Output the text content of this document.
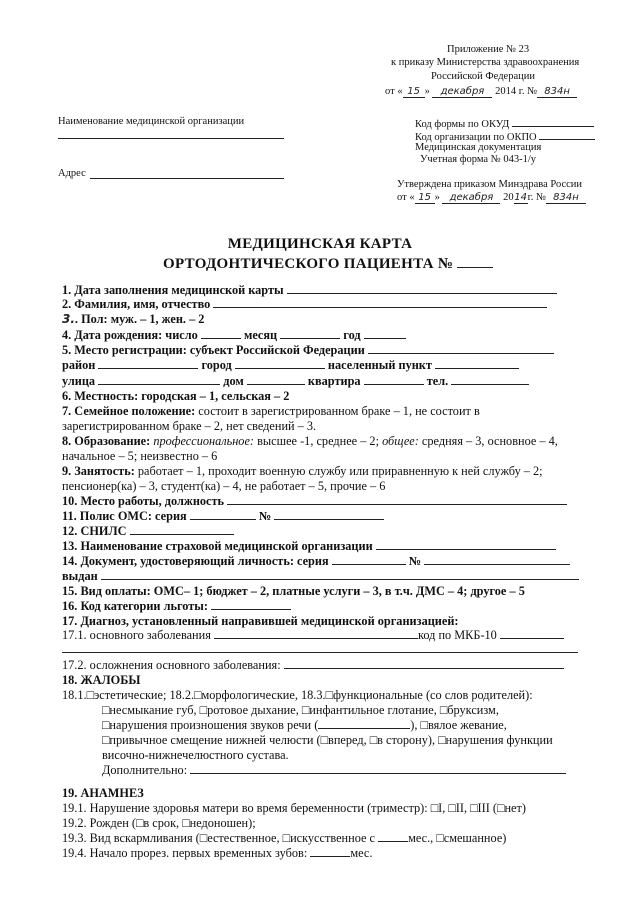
Приложение № 23
к приказу Министерства здравоохранения
Российской Федерации
от « 15 » декабря 2014 г. № 834н
Наименование медицинской организации
Адрес
Код формы по ОКУД
Код организации по ОКПО
Медицинская документация
Учетная форма № 043-1/у
Утверждена приказом Минздрава России
от « 15 » декабря 2014г. № 834н
МЕДИЦИНСКАЯ КАРТА
ОРТОДОНТИЧЕСКОГО ПАЦИЕНТА №
1. Дата заполнения медицинской карты
2. Фамилия, имя, отчество
3.. Пол: муж. – 1, жен. – 2
4. Дата рождения: число	месяц	год
5. Место регистрации: субъект Российской Федерации
район	город	населенный пункт
улица	дом	квартира	тел.
6. Местность: городская – 1, сельская – 2
7. Семейное положение: состоит в зарегистрированном браке – 1, не состоит в
зарегистрированном браке – 2, нет сведений – 3.
8. Образование: профессиональное: высшее -1, среднее – 2; общее: средняя – 3, основное – 4,
начальное – 5; неизвестно – 6
9. Занятость: работает – 1, проходит военную службу или приравненную к ней службу – 2;
пенсионер(ка) – 3, студент(ка) – 4, не работает – 5, прочие – 6
10. Место работы, должность
11. Полис ОМС: серия	№
12. СНИЛС
13. Наименование страховой медицинской организации
14. Документ, удостоверяющий личность: серия	№
выдан
15. Вид оплаты: ОМС– 1; бюджет – 2, платные услуги – 3, в т.ч. ДМС – 4; другое – 5
16. Код категории льготы:
17. Диагноз, установленный направившей медицинской организацией:
17.1. основного заболевания	код по МКБ-10
17.2. осложнения основного заболевания:
18. ЖАЛОБЫ
18.1.□эстетические; 18.2.□морфологические, 18.3.□функциональные (со слов родителей):
□несмыкание губ, □ротовое дыхание, □инфантильное глотание, □бруксизм,
□нарушения произношения звуков речи (	), □вялое жевание,
□привычное смещение нижней челюсти (□вперед, □в сторону), □нарушения функции
височно-нижнечелюстного сустава.
Дополнительно:
19. АНАМНЕЗ
19.1. Нарушение здоровья матери во время беременности (триместр): □I, □II, □III (□нет)
19.2. Рожден (□в срок, □недоношен);
19.3. Вид вскармливания (□естественное, □искусственное с	мес., □смешанное)
19.4. Начало прорез. первых временных зубов:	мес.
